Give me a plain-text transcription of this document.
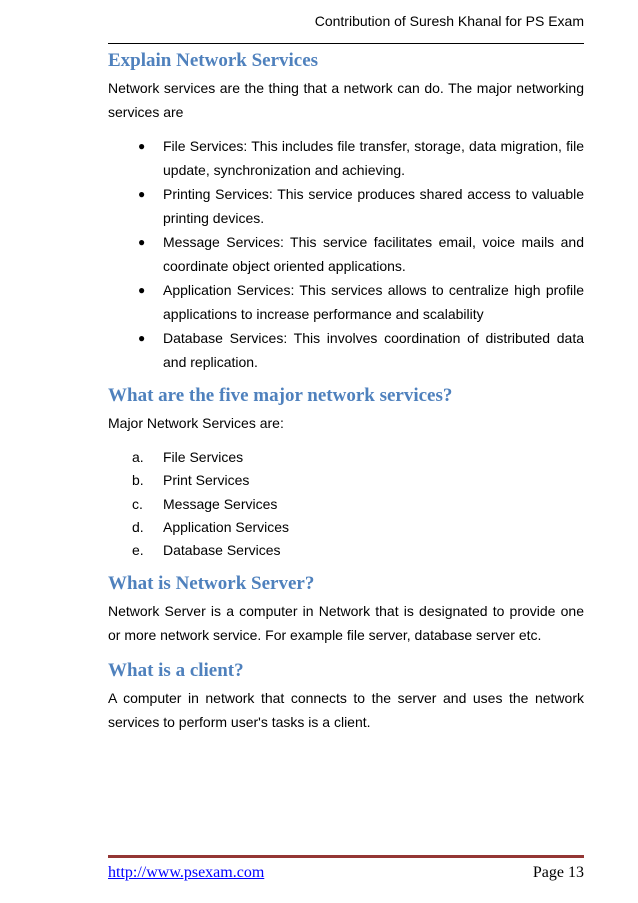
Contribution of Suresh Khanal for PS Exam
Explain Network Services

Network services are the thing that a network can do. The major networking services are

● File Services: This includes file transfer, storage, data migration, file update, synchronization and achieving.
● Printing Services: This service produces shared access to valuable printing devices.
● Message Services: This service facilitates email, voice mails and coordinate object oriented applications.
● Application Services: This services allows to centralize high profile applications to increase performance and scalability
● Database Services: This involves coordination of distributed data and replication.
What are the five major network services?

Major Network Services are:

a. File Services
b. Print Services
c. Message Services
d. Application Services
e. Database Services
What is Network Server?

Network Server is a computer in Network that is designated to provide one or more network service. For example file server, database server etc.

What is a client?

A computer in network that connects to the server and uses the network services to perform user's tasks is a client.

http://www.psexam.com	Page 13
